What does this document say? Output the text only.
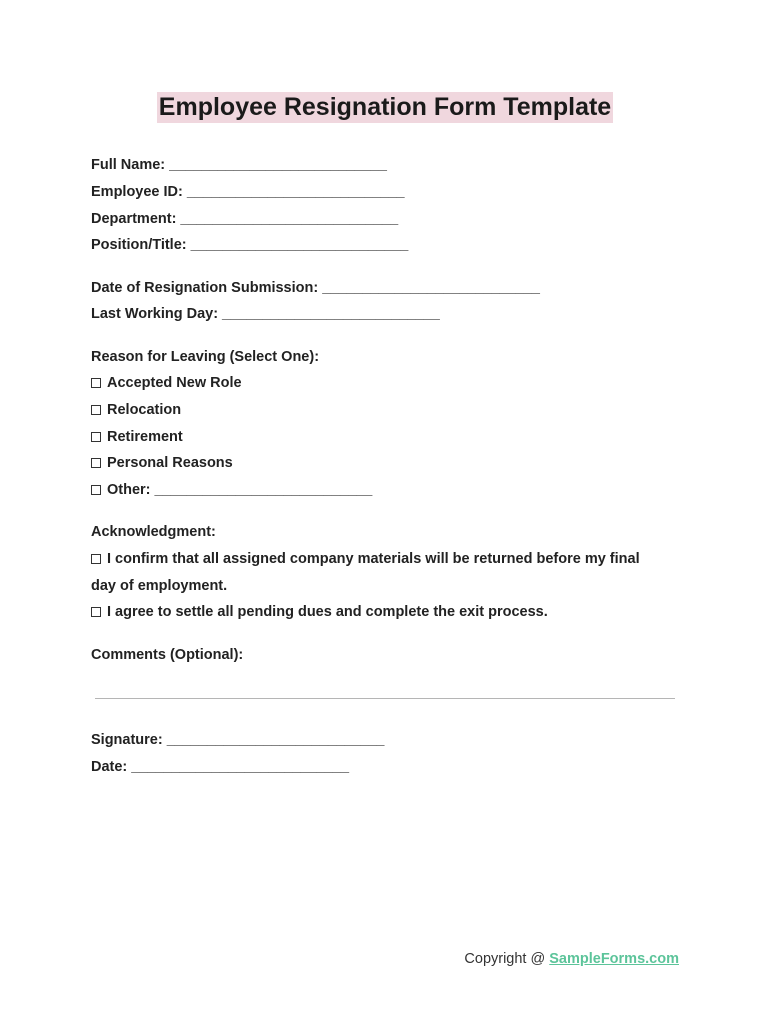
Employee Resignation Form Template
Full Name: ___________________________
Employee ID: ___________________________
Department: ___________________________
Position/Title: ___________________________
Date of Resignation Submission: ___________________________
Last Working Day: ___________________________
Reason for Leaving (Select One):
Accepted New Role
Relocation
Retirement
Personal Reasons
Other: ___________________________
Acknowledgment:
I confirm that all assigned company materials will be returned before my final
day of employment.
I agree to settle all pending dues and complete the exit process.
Comments (Optional):
Signature: ___________________________
Date: ___________________________
Copyright @ SampleForms.com
